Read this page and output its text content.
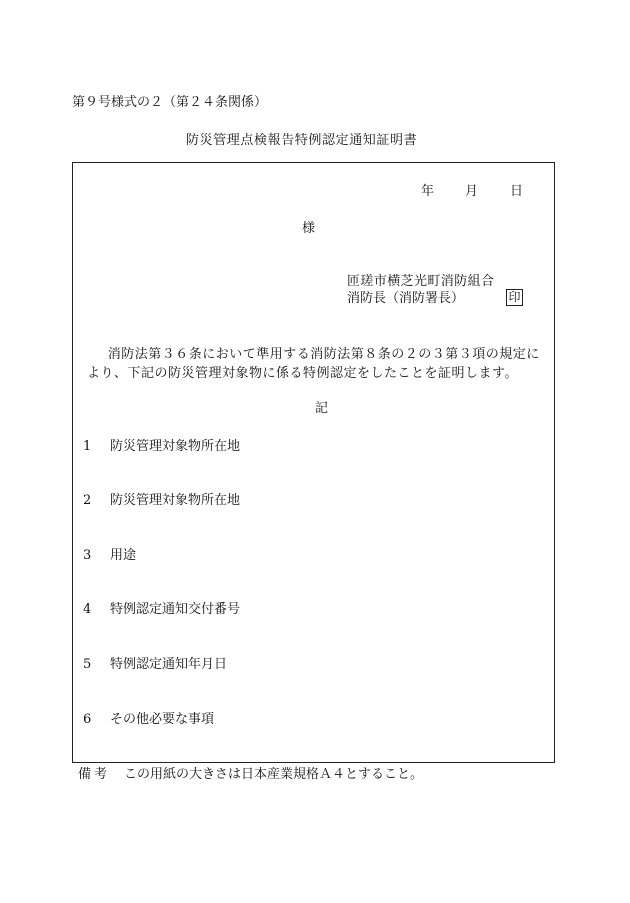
第９号様式の２（第２４条関係）
防災管理点検報告特例認定通知証明書
年 月 日
様
匝瑳市横芝光町消防組合
消防長（消防署長）	印
消防法第３６条において準用する消防法第８条の２の３第３項の規定により、下記の防災管理対象物に係る特例認定をしたことを証明します。
記
1 防災管理対象物所在地
2 防災管理対象物所在地
3 用途
4 特例認定通知交付番号
5 特例認定通知年月日
6 その他必要な事項
備考 この用紙の大きさは日本産業規格Ａ４とすること。
